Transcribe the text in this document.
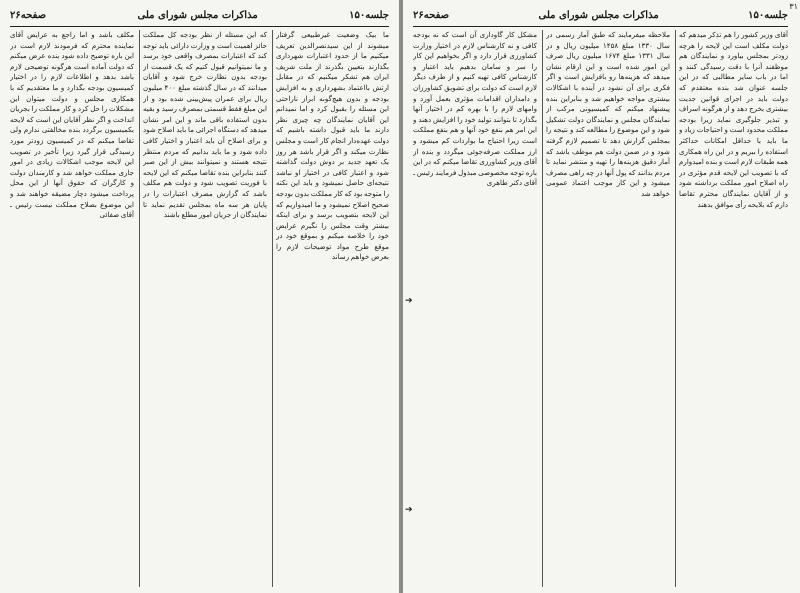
جلسه۱۵۰
مذاکرات مجلس شورای ملی
صفحه۲۶

مکلف باشد و اما راجع به عرایض آقای نماینده محترم که فرمودند لازم است در این باره توضیح داده شود بنده عرض میکنم که دولت آماده است هرگونه توضیحی لازم باشد بدهد و اطلاعات لازم را در اختیار کمیسیون بودجه بگذارد و ما معتقدیم که با همکاری مجلس و دولت میتوان این مشکلات را حل کرد و کار مملکت را بجریان انداخت و اگر نظر آقایان این است که لایحه بکمیسیون برگردد بنده مخالفتی ندارم ولی تقاضا میکنم که در کمیسیون زودتر مورد رسیدگی قرار گیرد زیرا تأخیر در تصویب این لایحه موجب اشکالات زیادی در امور جاری مملکت خواهد شد و کارمندان دولت و کارگران که حقوق آنها از این محل پرداخت میشود دچار مضیقه خواهند شد و این موضوع بصلاح مملکت نیست رئیس ـ آقای صفائی

که این مسئله از نظر بودجه کل مملکت حائز اهمیت است و وزارت دارائی باید توجه کند که اعتبارات بمصرف واقعی خود برسد و ما نمیتوانیم قبول کنیم که یک قسمت از بودجه بدون نظارت خرج شود و آقایان میدانند که در سال گذشته مبلغ ۴۰۰ میلیون ریال برای عمران پیش‌بینی شده بود و از این مبلغ فقط قسمتی بمصرف رسید و بقیه بدون استفاده باقی ماند و این امر نشان میدهد که دستگاه اجرائی ما باید اصلاح شود و برای اصلاح آن باید اعتبار و اختیار کافی داده شود و ما باید بدانیم که مردم منتظر نتیجه هستند و نمیتوانند بیش از این صبر کنند بنابراین بنده تقاضا میکنم که این لایحه با فوریت تصویب شود و دولت هم مکلف باشد که گزارش مصرف اعتبارات را در پایان هر سه ماه بمجلس تقدیم نماید تا نمایندگان از جریان امور مطلع باشند

ما بیک وضعیت غیرطبیعی گرفتار میشوند از این سیدنصرالدین تعریف میکنیم ما از حدود اعتبارات شهرداری بگذارند بتعیین بگذرند از ملت شریف ایران هم تشکر میکنیم که در مقابل ارتش بااعتماد بشهرداری و به افزایش بودجه و بدون هیچ‌گونه ابراز ناراحتی این مسئله را بقبول کرد و اما نمیدانم این آقایان نمایندگان چه چیزی نظر دارند ما باید قبول داشته باشیم که دولت عهده‌دار انجام کار است و مجلس نظارت میکند و اگر قرار باشد هر روز یک تعهد جدید بر دوش دولت گذاشته شود و اعتبار کافی در اختیار او نباشد نتیجه‌ای حاصل نمیشود و باید این نکته را متوجه بود که کار مملکت بدون بودجه صحیح اصلاح نمیشود و ما امیدواریم که این لایحه بتصویب برسد و برای اینکه بیشتر وقت مجلس را نگیرم عرایض خود را خلاصه میکنم و بموقع خود در موقع طرح مواد توضیحات لازم را بعرض خواهم رساند

جلسه۱۵۰
مذاکرات مجلس شورای ملی
صفحه۲۶

مشکل کار گاوداری آن است که نه بودجه کافی و نه کارشناس لازم در اختیار وزارت کشاورزی قرار دارد و اگر بخواهیم این کار را سر و سامان بدهیم باید اعتبار و کارشناس کافی تهیه کنیم و از طرف دیگر لازم است که دولت برای تشویق کشاورزان و دامداران اقدامات مؤثری بعمل آورد و وامهای لازم را با بهره کم در اختیار آنها بگذارد تا بتوانند تولید خود را افزایش دهند و این امر هم بنفع خود آنها و هم بنفع مملکت است زیرا احتیاج ما بواردات کم میشود و ارز مملکت صرفه‌جوئی میگردد و بنده از آقای وزیر کشاورزی تقاضا میکنم که در این باره توجه مخصوصی مبذول فرمایند رئیس ـ آقای دکتر طاهری

ملاحظه میفرمایند که طبق آمار رسمی در سال ۱۳۳۰ مبلغ ۱۴۵۸ میلیون ریال و در سال ۱۳۳۱ مبلغ ۱۶۷۴ میلیون ریال صرف این امور شده است و این ارقام نشان میدهد که هزینه‌ها رو بافزایش است و اگر فکری برای آن نشود در آینده با اشکالات بیشتری مواجه خواهیم شد و بنابراین بنده پیشنهاد میکنم که کمیسیونی مرکب از نمایندگان مجلس و نمایندگان دولت تشکیل شود و این موضوع را مطالعه کند و نتیجه را بمجلس گزارش دهد تا تصمیم لازم گرفته شود و در ضمن دولت هم موظف باشد که آمار دقیق هزینه‌ها را تهیه و منتشر نماید تا مردم بدانند که پول آنها در چه راهی مصرف میشود و این کار موجب اعتماد عمومی خواهد شد

آقای وزیر کشور را هم تذکر میدهم که دولت مکلف است این لایحه را هرچه زودتر بمجلس بیاورد و نمایندگان هم موظفند آنرا با دقت رسیدگی کنند و اما در باب سایر مطالبی که در این جلسه عنوان شد بنده معتقدم که دولت باید در اجرای قوانین جدیت بیشتری بخرج دهد و از هرگونه اسراف و تبذیر جلوگیری نماید زیرا بودجه مملکت محدود است و احتیاجات زیاد و ما باید با حداقل امکانات حداکثر استفاده را ببریم و در این راه همکاری همه طبقات لازم است و بنده امیدوارم که با تصویب این لایحه قدم مؤثری در راه اصلاح امور مملکت برداشته شود و از آقایان نمایندگان محترم تقاضا دارم که بلایحه رأی موافق بدهند

۳۱
➔
➔
